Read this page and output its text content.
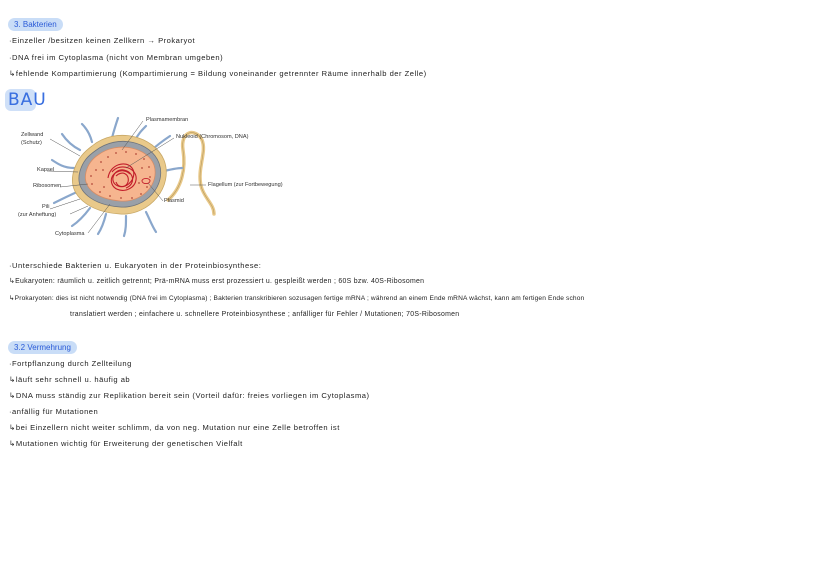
3. Bakterien
·Einzeller /besitzen keinen Zellkern → Prokaryot
·DNA frei im Cytoplasma (nicht von Membran umgeben)
↳fehlende Kompartimierung (Kompartimierung = Bildung voneinander getrennter Räume innerhalb der Zelle)
BAU
Zellwand
(Schutz)
Kapsel
Ribosomen
Pili
(zur Anheftung)
Cytoplasma
Plasmamembran
Nukleoid (Chromosom, DNA)
Flagellum (zur Fortbewegung)
Plasmid
·Unterschiede Bakterien u. Eukaryoten in der Proteinbiosynthese:
↳Eukaryoten: räumlich u. zeitlich getrennt; Prä-mRNA muss erst prozessiert u. gespleißt werden ; 60S bzw. 40S-Ribosomen
↳Prokaryoten: dies ist nicht notwendig (DNA frei im Cytoplasma) ; Bakterien transkribieren sozusagen fertige mRNA ; während an einem Ende mRNA wächst, kann am fertigen Ende schon
translatiert werden ; einfachere u. schnellere Proteinbiosynthese ; anfälliger für Fehler / Mutationen; 70S-Ribosomen
3.2 Vermehrung
·Fortpflanzung durch Zellteilung
↳läuft sehr schnell u. häufig ab
↳DNA muss ständig zur Replikation bereit sein (Vorteil dafür: freies vorliegen im Cytoplasma)
·anfällig für Mutationen
↳bei Einzellern nicht weiter schlimm, da von neg. Mutation nur eine Zelle betroffen ist
↳Mutationen wichtig für Erweiterung der genetischen Vielfalt
